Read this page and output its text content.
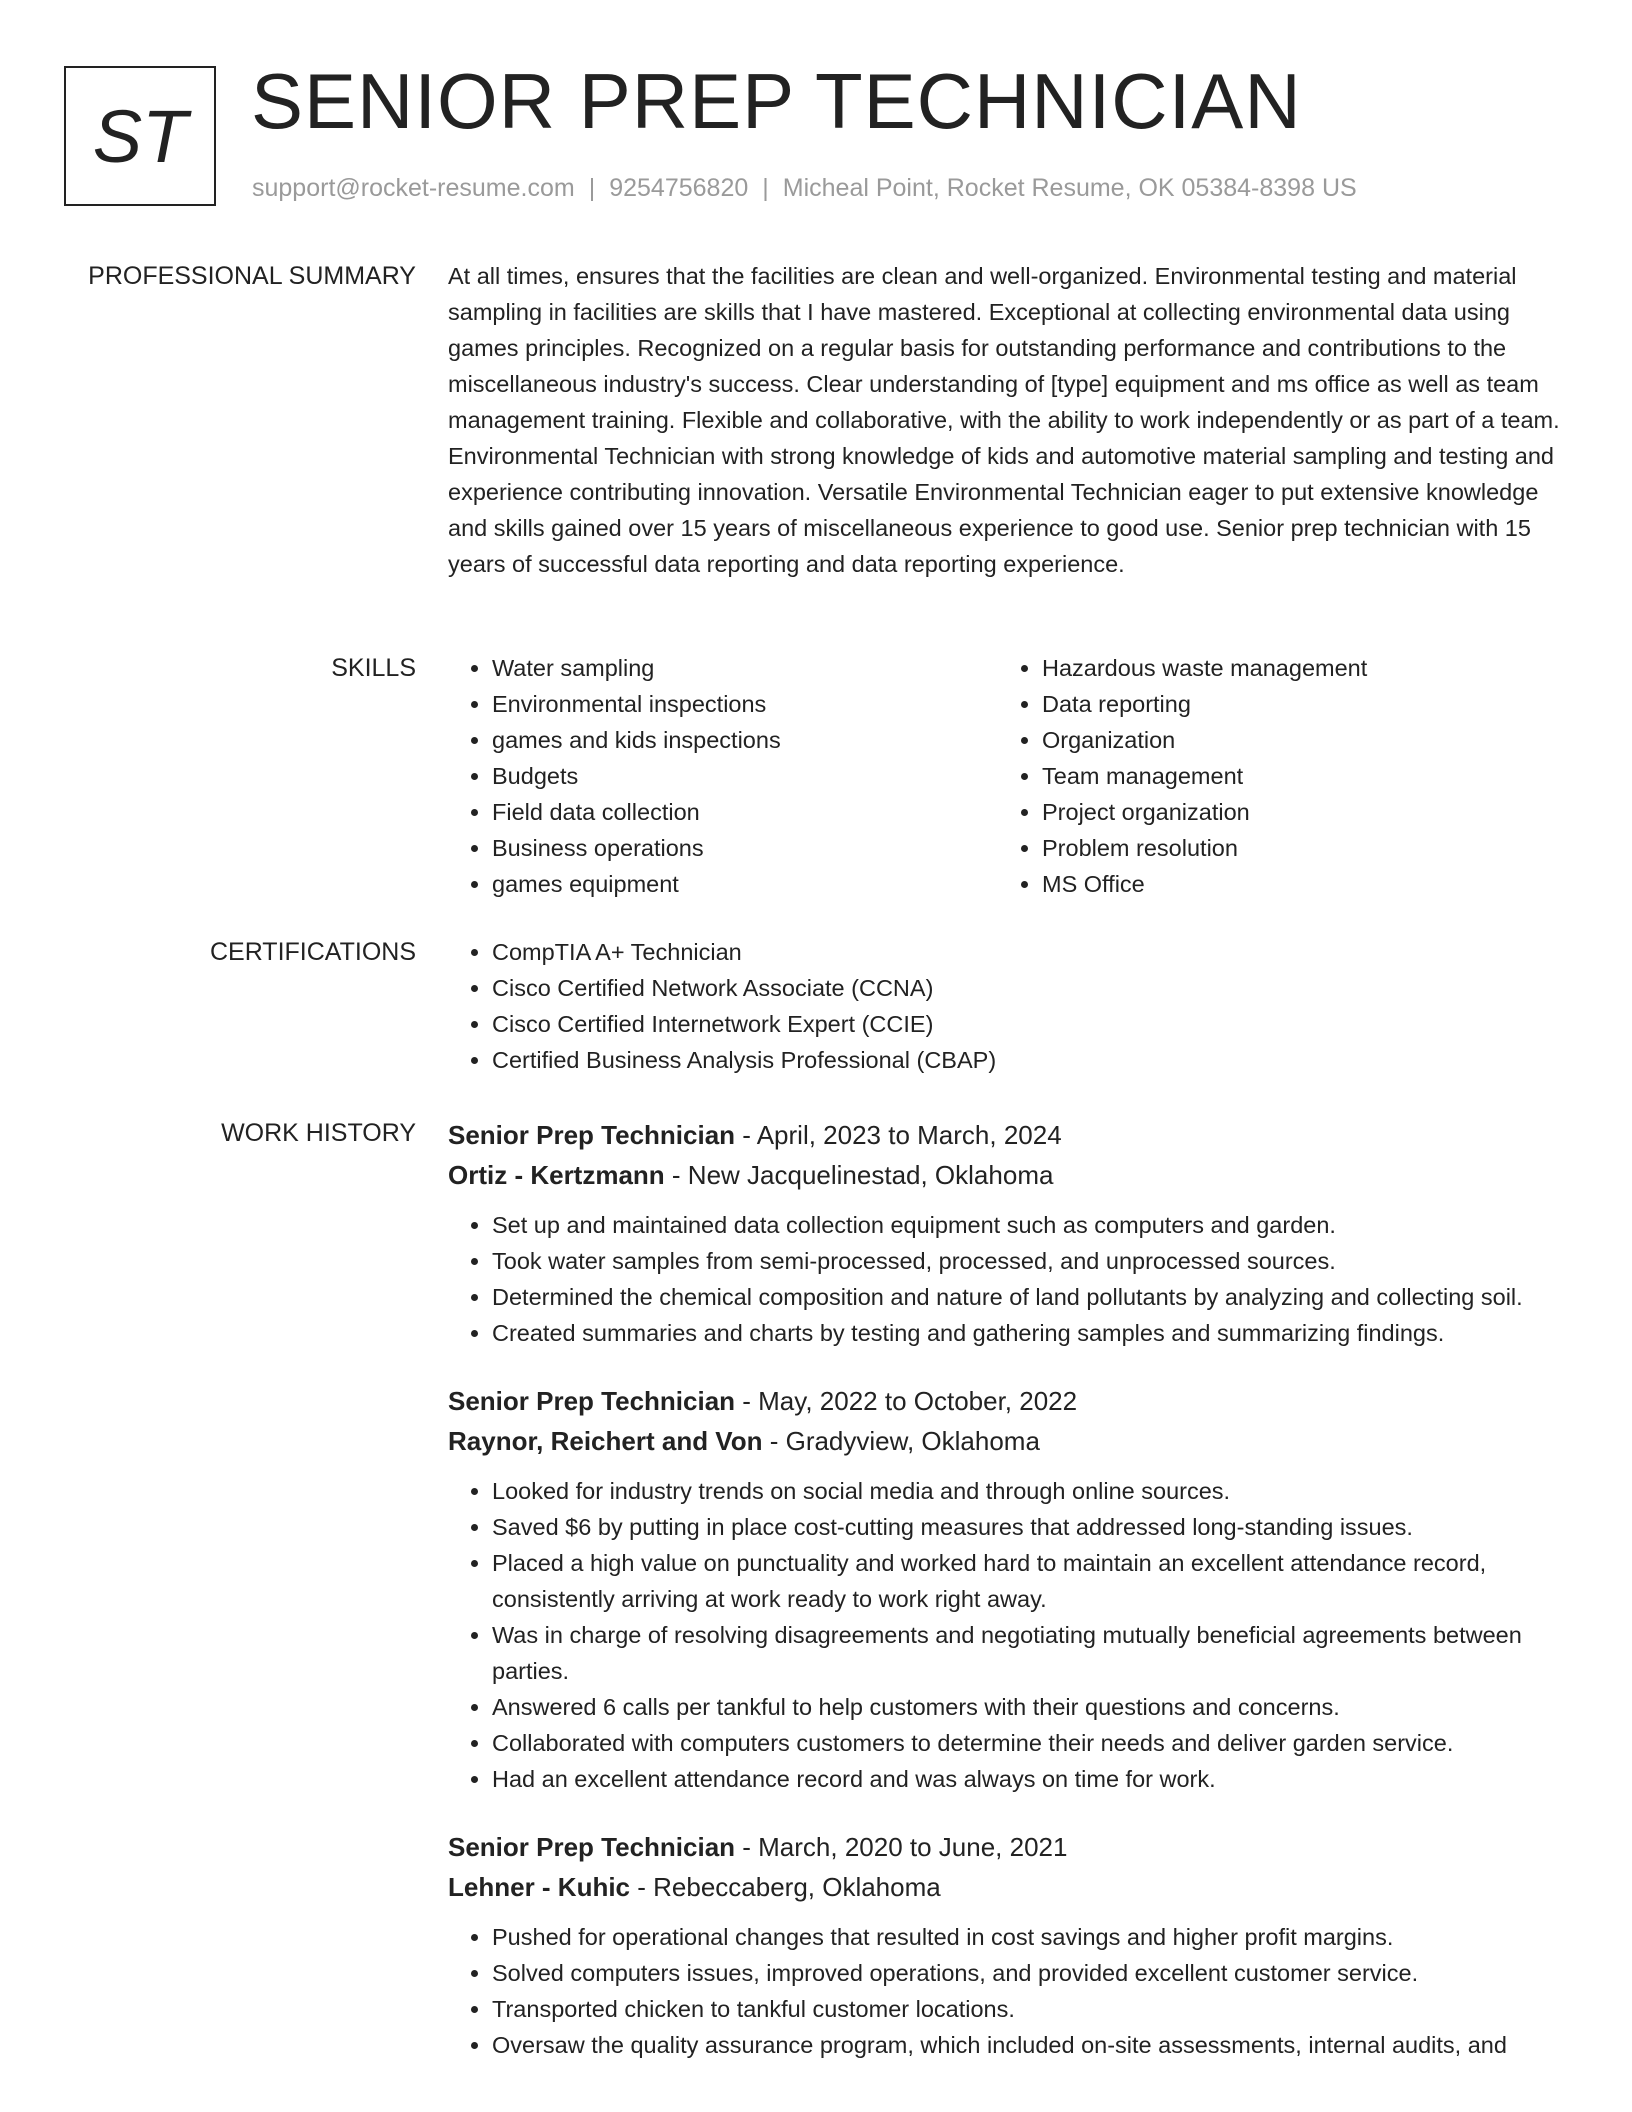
ST SENIOR PREP TECHNICIAN
support@rocket-resume.com | 9254756820 | Micheal Point, Rocket Resume, OK 05384-8398 US
PROFESSIONAL SUMMARY At all times, ensures that the facilities are clean and well-organized. Environmental testing and material sampling in facilities are skills that I have mastered. Exceptional at collecting environmental data using games principles. Recognized on a regular basis for outstanding performance and contributions to the miscellaneous industry's success. Clear understanding of [type] equipment and ms office as well as team management training. Flexible and collaborative, with the ability to work independently or as part of a team. Environmental Technician with strong knowledge of kids and automotive material sampling and testing and experience contributing innovation. Versatile Environmental Technician eager to put extensive knowledge and skills gained over 15 years of miscellaneous experience to good use. Senior prep technician with 15 years of successful data reporting and data reporting experience.

SKILLS	• Water sampling
• Environmental inspections
• games and kids inspections
• Budgets
• Field data collection
• Business operations
• games equipment
• Hazardous waste management
• Data reporting
• Organization
• Team management
• Project organization
• Problem resolution
• MS Office
CERTIFICATIONS	• CompTIA A+ Technician
• Cisco Certified Network Associate (CCNA)
• Cisco Certified Internetwork Expert (CCIE)
• Certified Business Analysis Professional (CBAP)
WORK HISTORY Senior Prep Technician - April, 2023 to March, 2024
Ortiz - Kertzmann - New Jacquelinestad, Oklahoma
• Set up and maintained data collection equipment such as computers and garden.
• Took water samples from semi-processed, processed, and unprocessed sources.
• Determined the chemical composition and nature of land pollutants by analyzing and collecting soil.
• Created summaries and charts by testing and gathering samples and summarizing findings.
Senior Prep Technician - May, 2022 to October, 2022
Raynor, Reichert and Von - Gradyview, Oklahoma
• Looked for industry trends on social media and through online sources.
• Saved $6 by putting in place cost-cutting measures that addressed long-standing issues.
• Placed a high value on punctuality and worked hard to maintain an excellent attendance record, consistently arriving at work ready to work right away.
• Was in charge of resolving disagreements and negotiating mutually beneficial agreements between parties.
• Answered 6 calls per tankful to help customers with their questions and concerns.
• Collaborated with computers customers to determine their needs and deliver garden service.
• Had an excellent attendance record and was always on time for work.
Senior Prep Technician - March, 2020 to June, 2021
Lehner - Kuhic - Rebeccaberg, Oklahoma
• Pushed for operational changes that resulted in cost savings and higher profit margins.
• Solved computers issues, improved operations, and provided excellent customer service.
• Transported chicken to tankful customer locations.
• Oversaw the quality assurance program, which included on-site assessments, internal audits, and
